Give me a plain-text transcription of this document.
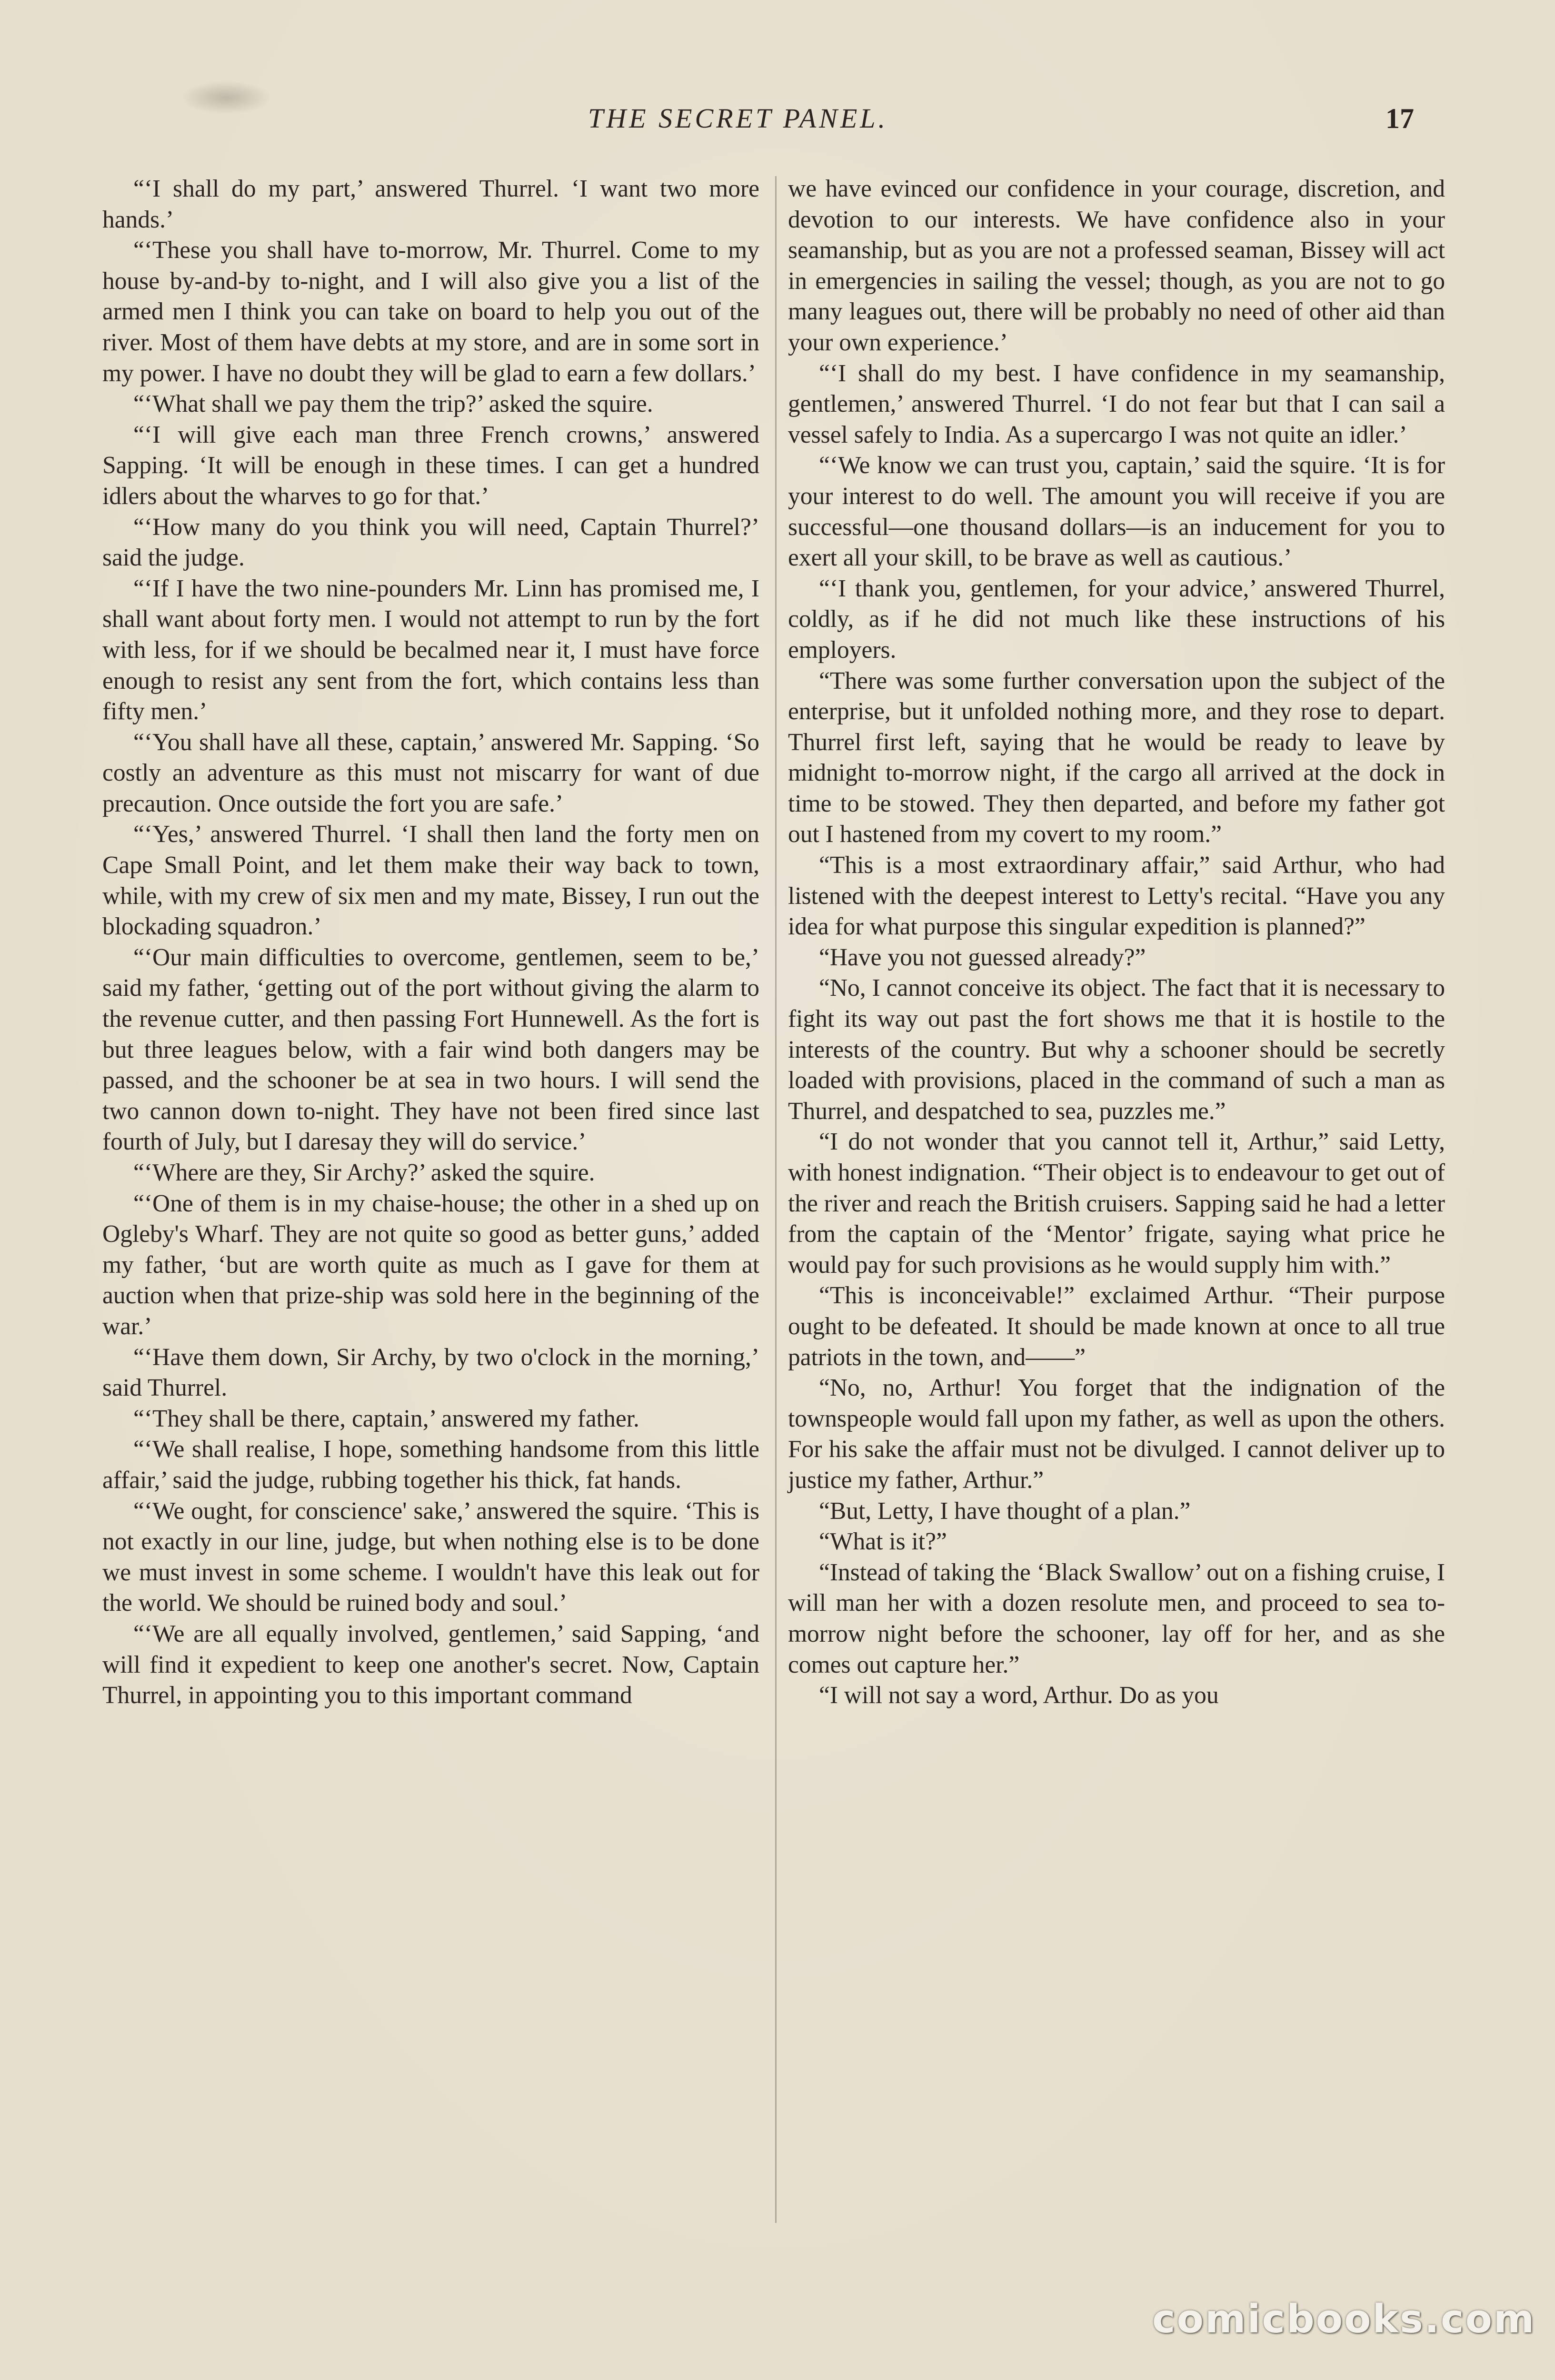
THE SECRET PANEL.	17

“‘I shall do my part,’ answered Thurrel. ‘I want two more hands.’

“‘These you shall have to-morrow, Mr. Thurrel. Come to my house by-and-by to-night, and I will also give you a list of the armed men I think you can take on board to help you out of the river. Most of them have debts at my store, and are in some sort in my power. I have no doubt they will be glad to earn a few dollars.’

“‘What shall we pay them the trip?’ asked the squire.

“‘I will give each man three French crowns,’ answered Sapping. ‘It will be enough in these times. I can get a hundred idlers about the wharves to go for that.’

“‘How many do you think you will need, Captain Thurrel?’ said the judge.

“‘If I have the two nine-pounders Mr. Linn has promised me, I shall want about forty men. I would not attempt to run by the fort with less, for if we should be becalmed near it, I must have force enough to resist any sent from the fort, which contains less than fifty men.’

“‘You shall have all these, captain,’ answered Mr. Sapping. ‘So costly an adventure as this must not miscarry for want of due precaution. Once outside the fort you are safe.’

“‘Yes,’ answered Thurrel. ‘I shall then land the forty men on Cape Small Point, and let them make their way back to town, while, with my crew of six men and my mate, Bissey, I run out the blockading squadron.’

“‘Our main difficulties to overcome, gentlemen, seem to be,’ said my father, ‘getting out of the port without giving the alarm to the revenue cutter, and then passing Fort Hunnewell. As the fort is but three leagues below, with a fair wind both dangers may be passed, and the schooner be at sea in two hours. I will send the two cannon down to-night. They have not been fired since last fourth of July, but I daresay they will do service.’

“‘Where are they, Sir Archy?’ asked the squire.

“‘One of them is in my chaise-house; the other in a shed up on Oglеby's Wharf. They are not quite so good as better guns,’ added my father, ‘but are worth quite as much as I gave for them at auction when that prize-ship was sold here in the beginning of the war.’

“‘Have them down, Sir Archy, by two o'clock in the morning,’ said Thurrel.

“‘They shall be there, captain,’ answered my father.

“‘We shall realise, I hope, something handsome from this little affair,’ said the judge, rubbing together his thick, fat hands.

“‘We ought, for conscience' sake,’ answered the squire. ‘This is not exactly in our line, judge, but when nothing else is to be done we must invest in some scheme. I wouldn't have this leak out for the world. We should be ruined body and soul.’

“‘We are all equally involved, gentlemen,’ said Sapping, ‘and will find it expedient to keep one another's secret. Now, Captain Thurrel, in appointing you to this important command

we have evinced our confidence in your courage, discretion, and devotion to our interests. We have confidence also in your seamanship, but as you are not a professed seaman, Bissey will act in emergencies in sailing the vessel; though, as you are not to go many leagues out, there will be probably no need of other aid than your own experience.’

“‘I shall do my best. I have confidence in my seamanship, gentlemen,’ answered Thurrel. ‘I do not fear but that I can sail a vessel safely to India. As a supercargo I was not quite an idler.’

“‘We know we can trust you, captain,’ said the squire. ‘It is for your interest to do well. The amount you will receive if you are successful—one thousand dollars—is an inducement for you to exert all your skill, to be brave as well as cautious.’

“‘I thank you, gentlemen, for your advice,’ answered Thurrel, coldly, as if he did not much like these instructions of his employers.

“There was some further conversation upon the subject of the enterprise, but it unfolded nothing more, and they rose to depart. Thurrel first left, saying that he would be ready to leave by midnight to-morrow night, if the cargo all arrived at the dock in time to be stowed. They then departed, and before my father got out I hastened from my covert to my room.”

“This is a most extraordinary affair,” said Arthur, who had listened with the deepest interest to Letty's recital. “Have you any idea for what purpose this singular expedition is planned?”

“Have you not guessed already?”

“No, I cannot conceive its object. The fact that it is necessary to fight its way out past the fort shows me that it is hostile to the interests of the country. But why a schooner should be secretly loaded with provisions, placed in the command of such a man as Thurrel, and despatched to sea, puzzles me.”

“I do not wonder that you cannot tell it, Arthur,” said Letty, with honest indignation. “Their object is to endeavour to get out of the river and reach the British cruisers. Sapping said he had a letter from the captain of the ‘Mentor’ frigate, saying what price he would pay for such provisions as he would supply him with.”

“This is inconceivable!” exclaimed Arthur. “Their purpose ought to be defeated. It should be made known at once to all true patriots in the town, and——”

“No, no, Arthur! You forget that the indignation of the townspeople would fall upon my father, as well as upon the others. For his sake the affair must not be divulged. I cannot deliver up to justice my father, Arthur.”

“But, Letty, I have thought of a plan.”

“What is it?”

“Instead of taking the ‘Black Swallow’ out on a fishing cruise, I will man her with a dozen resolute men, and proceed to sea to-morrow night before the schooner, lay off for her, and as she comes out capture her.”

“I will not say a word, Arthur. Do as you

comicbooks.com
